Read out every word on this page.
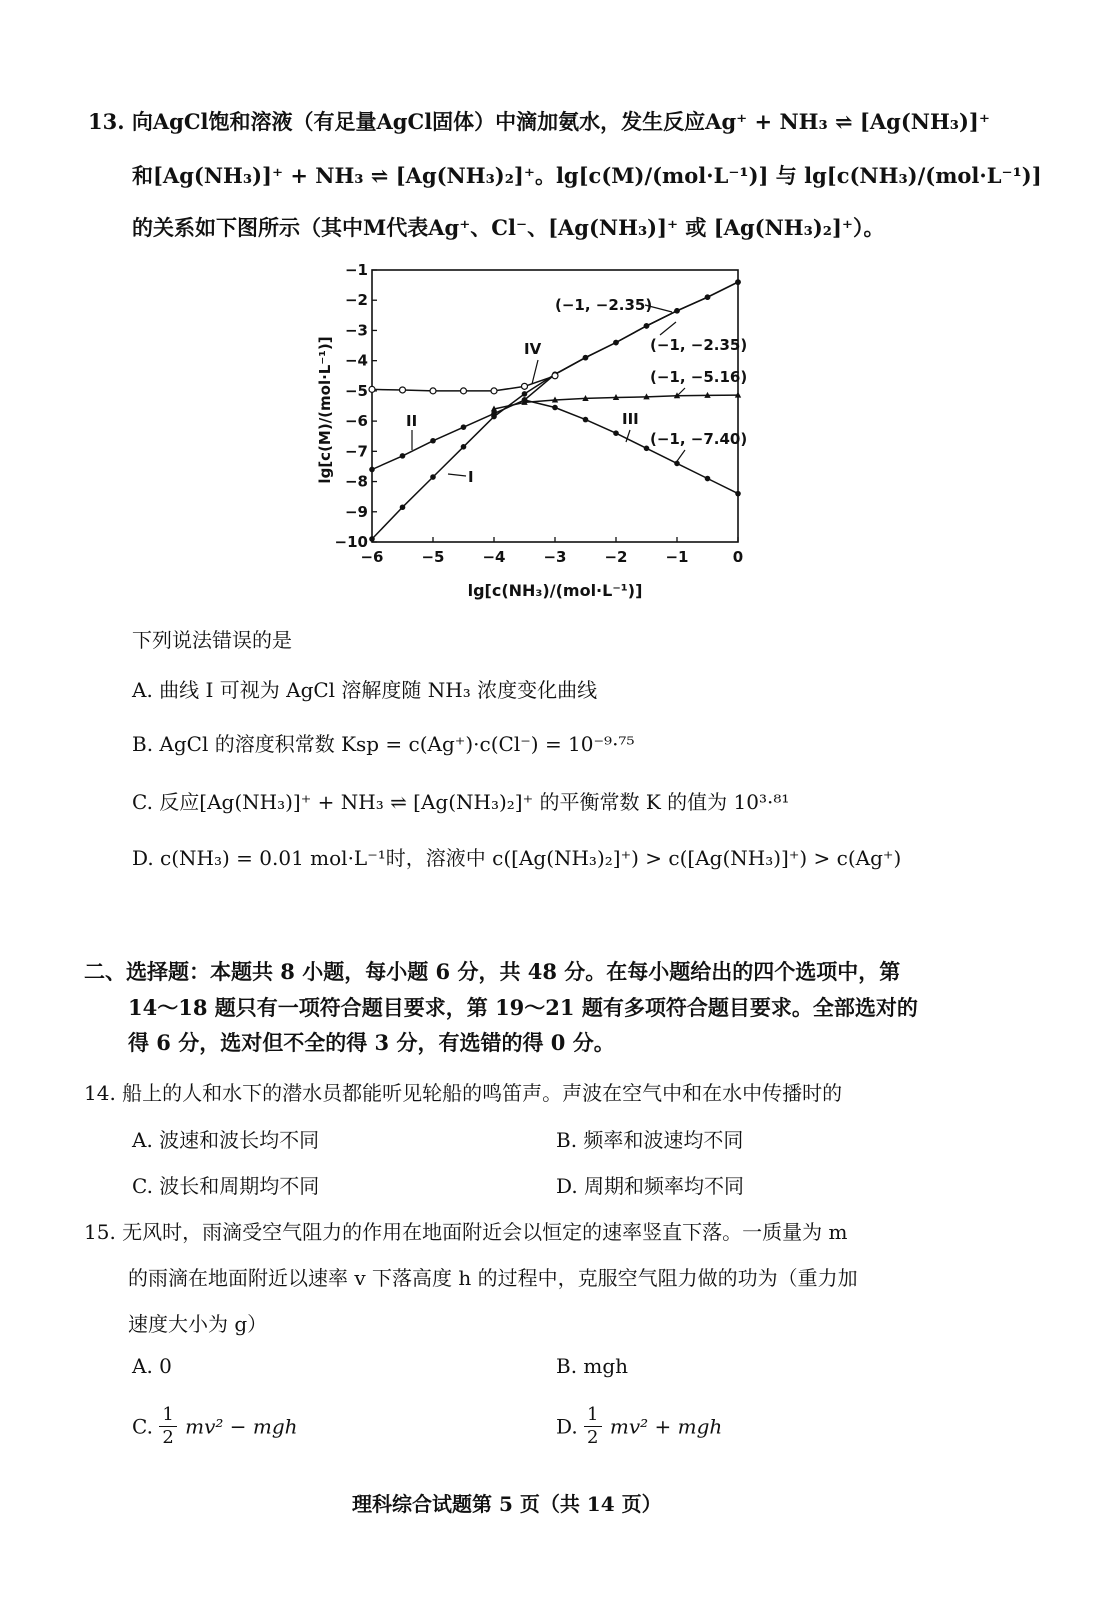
13. 向AgCl饱和溶液（有足量AgCl固体）中滴加氨水，发生反应Ag⁺ + NH₃ ⇌ [Ag(NH₃)]⁺
和[Ag(NH₃)]⁺ + NH₃ ⇌ [Ag(NH₃)₂]⁺。lg[c(M)/(mol·L⁻¹)] 与 lg[c(NH₃)/(mol·L⁻¹)]
的关系如下图所示（其中M代表Ag⁺、Cl⁻、[Ag(NH₃)]⁺ 或 [Ag(NH₃)₂]⁺）。
−6	−5	−4	−3	−2	−1	0
−1
−2
−3
−4
−5
−6
−7
−8
−9
−10
(−1, −2.35)
(−1, −2.35)
(−1, −5.16)
(−1, −7.40)
IV
II	III
I
lg[c(NH₃)/(mol·L⁻¹)]
lg[c(M)/(mol·L⁻¹)]
下列说法错误的是
A. 曲线 I 可视为 AgCl 溶解度随 NH₃ 浓度变化曲线
B. AgCl 的溶度积常数 Ksp = c(Ag⁺)·c(Cl⁻) = 10⁻⁹·⁷⁵
C. 反应[Ag(NH₃)]⁺ + NH₃ ⇌ [Ag(NH₃)₂]⁺ 的平衡常数 K 的值为 10³·⁸¹
D. c(NH₃) = 0.01 mol·L⁻¹时，溶液中 c([Ag(NH₃)₂]⁺) > c([Ag(NH₃)]⁺) > c(Ag⁺)
二、选择题：本题共 8 小题，每小题 6 分，共 48 分。在每小题给出的四个选项中，第
14～18 题只有一项符合题目要求，第 19～21 题有多项符合题目要求。全部选对的
得 6 分，选对但不全的得 3 分，有选错的得 0 分。
14. 船上的人和水下的潜水员都能听见轮船的鸣笛声。声波在空气中和在水中传播时的
A. 波速和波长均不同	B. 频率和波速均不同
C. 波长和周期均不同	D. 周期和频率均不同
15. 无风时，雨滴受空气阻力的作用在地面附近会以恒定的速率竖直下落。一质量为 m
的雨滴在地面附近以速率 v 下落高度 h 的过程中，克服空气阻力做的功为（重力加
速度大小为 g）
A. 0	B. mgh
C. $\frac{1}{2} mv^2$ − mgh	D. $\frac{1}{2} mv^2$ + mgh
理科综合试题第 5 页（共 14 页）
